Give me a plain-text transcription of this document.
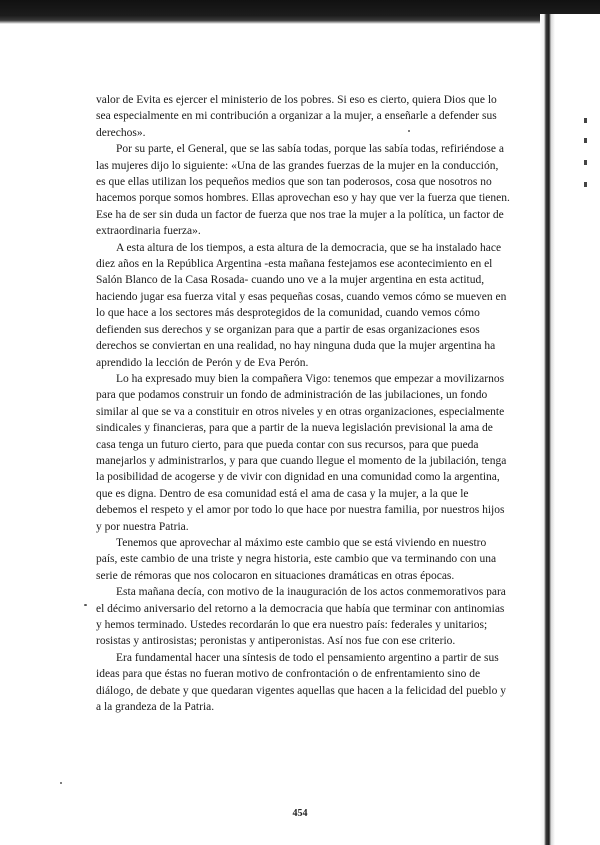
valor de Evita es ejercer el ministerio de los pobres. Si eso es cierto, quiera Dios que lo sea especialmente en mi contribución a organizar a la mujer, a enseñarle a defender sus derechos».

Por su parte, el General, que se las sabía todas, porque las sabía todas, refiriéndose a las mujeres dijo lo siguiente: «Una de las grandes fuerzas de la mujer en la conducción, es que ellas utilizan los pequeños medios que son tan poderosos, cosa que nosotros no hacemos porque somos hombres. Ellas aprovechan eso y hay que ver la fuerza que tienen. Ese ha de ser sin duda un factor de fuerza que nos trae la mujer a la política, un factor de extraordinaria fuerza».

A esta altura de los tiempos, a esta altura de la democracia, que se ha instalado hace diez años en la República Argentina -esta mañana festejamos ese acontecimiento en el Salón Blanco de la Casa Rosada- cuando uno ve a la mujer argentina en esta actitud, haciendo jugar esa fuerza vital y esas pequeñas cosas, cuando vemos cómo se mueven en lo que hace a los sectores más desprotegidos de la comunidad, cuando vemos cómo defienden sus derechos y se organizan para que a partir de esas organizaciones esos derechos se conviertan en una realidad, no hay ninguna duda que la mujer argentina ha aprendido la lección de Perón y de Eva Perón.

Lo ha expresado muy bien la compañera Vigo: tenemos que empezar a movilizarnos para que podamos construir un fondo de administración de las jubilaciones, un fondo similar al que se va a constituir en otros niveles y en otras organizaciones, especialmente sindicales y financieras, para que a partir de la nueva legislación previsional la ama de casa tenga un futuro cierto, para que pueda contar con sus recursos, para que pueda manejarlos y administrarlos, y para que cuando llegue el momento de la jubilación, tenga la posibilidad de acogerse y de vivir con dignidad en una comunidad como la argentina, que es digna. Dentro de esa comunidad está el ama de casa y la mujer, a la que le debemos el respeto y el amor por todo lo que hace por nuestra familia, por nuestros hijos y por nuestra Patria.

Tenemos que aprovechar al máximo este cambio que se está viviendo en nuestro país, este cambio de una triste y negra historia, este cambio que va terminando con una serie de rémoras que nos colocaron en situaciones dramáticas en otras épocas.

Esta mañana decía, con motivo de la inauguración de los actos conmemorativos para el décimo aniversario del retorno a la democracia que había que terminar con antinomias y hemos terminado. Ustedes recordarán lo que era nuestro país: federales y unitarios; rosistas y antirosistas; peronistas y antiperonistas. Así nos fue con ese criterio.

Era fundamental hacer una síntesis de todo el pensamiento argentino a partir de sus ideas para que éstas no fueran motivo de confrontación o de enfrentamiento sino de diálogo, de debate y que quedaran vigentes aquellas que hacen a la felicidad del pueblo y a la grandeza de la Patria.

454
